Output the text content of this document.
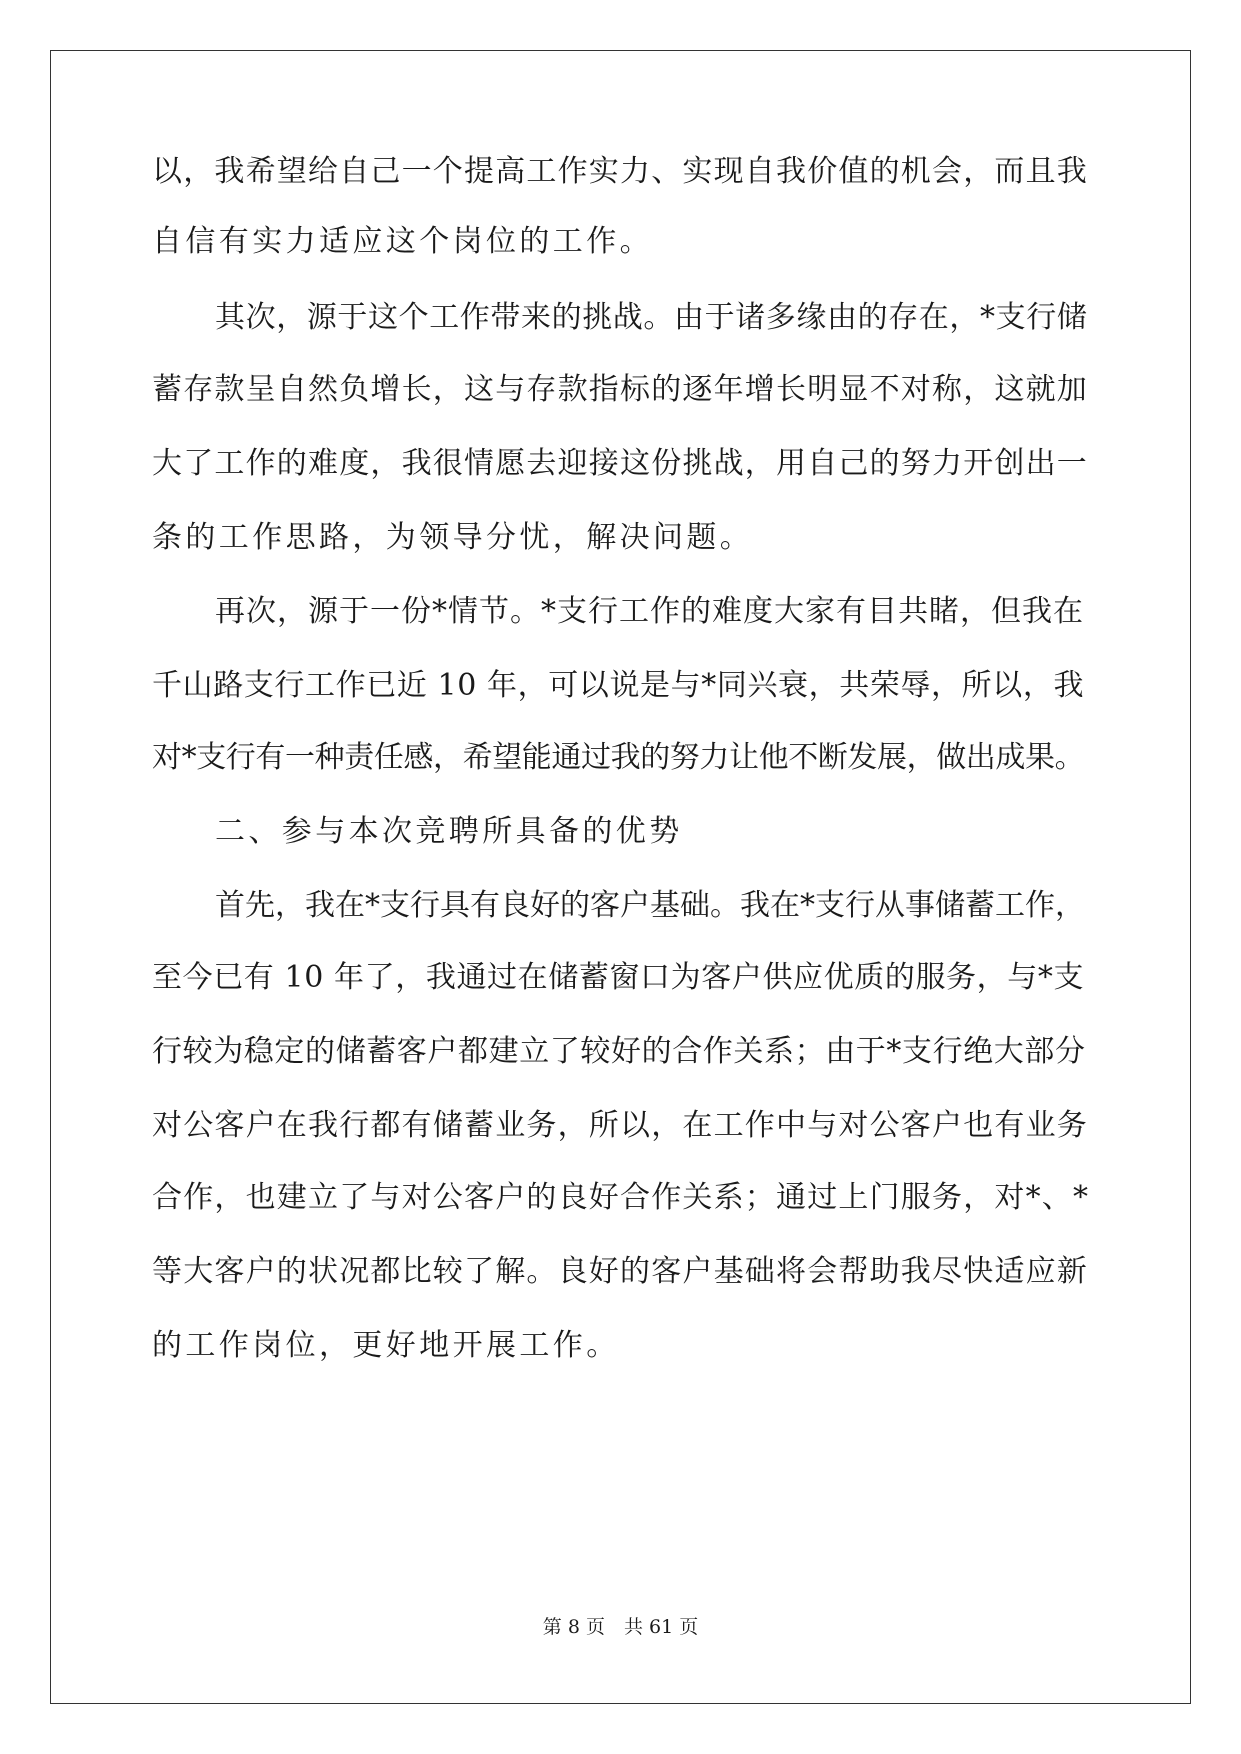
以，我希望给自己一个提高工作实力、实现自我价值的机会，而且我
自信有实力适应这个岗位的工作。
其次，源于这个工作带来的挑战。由于诸多缘由的存在，*支行储
蓄存款呈自然负增长，这与存款指标的逐年增长明显不对称，这就加
大了工作的难度，我很情愿去迎接这份挑战，用自己的努力开创出一
条的工作思路，为领导分忧，解决问题。
再次，源于一份*情节。*支行工作的难度大家有目共睹，但我在
千山路支行工作已近 10 年，可以说是与*同兴衰，共荣辱，所以，我
对*支行有一种责任感，希望能通过我的努力让他不断发展，做出成果。
二、参与本次竞聘所具备的优势
首先，我在*支行具有良好的客户基础。我在*支行从事储蓄工作，
至今已有 10 年了，我通过在储蓄窗口为客户供应优质的服务，与*支
行较为稳定的储蓄客户都建立了较好的合作关系；由于*支行绝大部分
对公客户在我行都有储蓄业务，所以，在工作中与对公客户也有业务
合作，也建立了与对公客户的良好合作关系；通过上门服务，对*、*
等大客户的状况都比较了解。良好的客户基础将会帮助我尽快适应新
的工作岗位，更好地开展工作。
第 8 页　共 61 页
